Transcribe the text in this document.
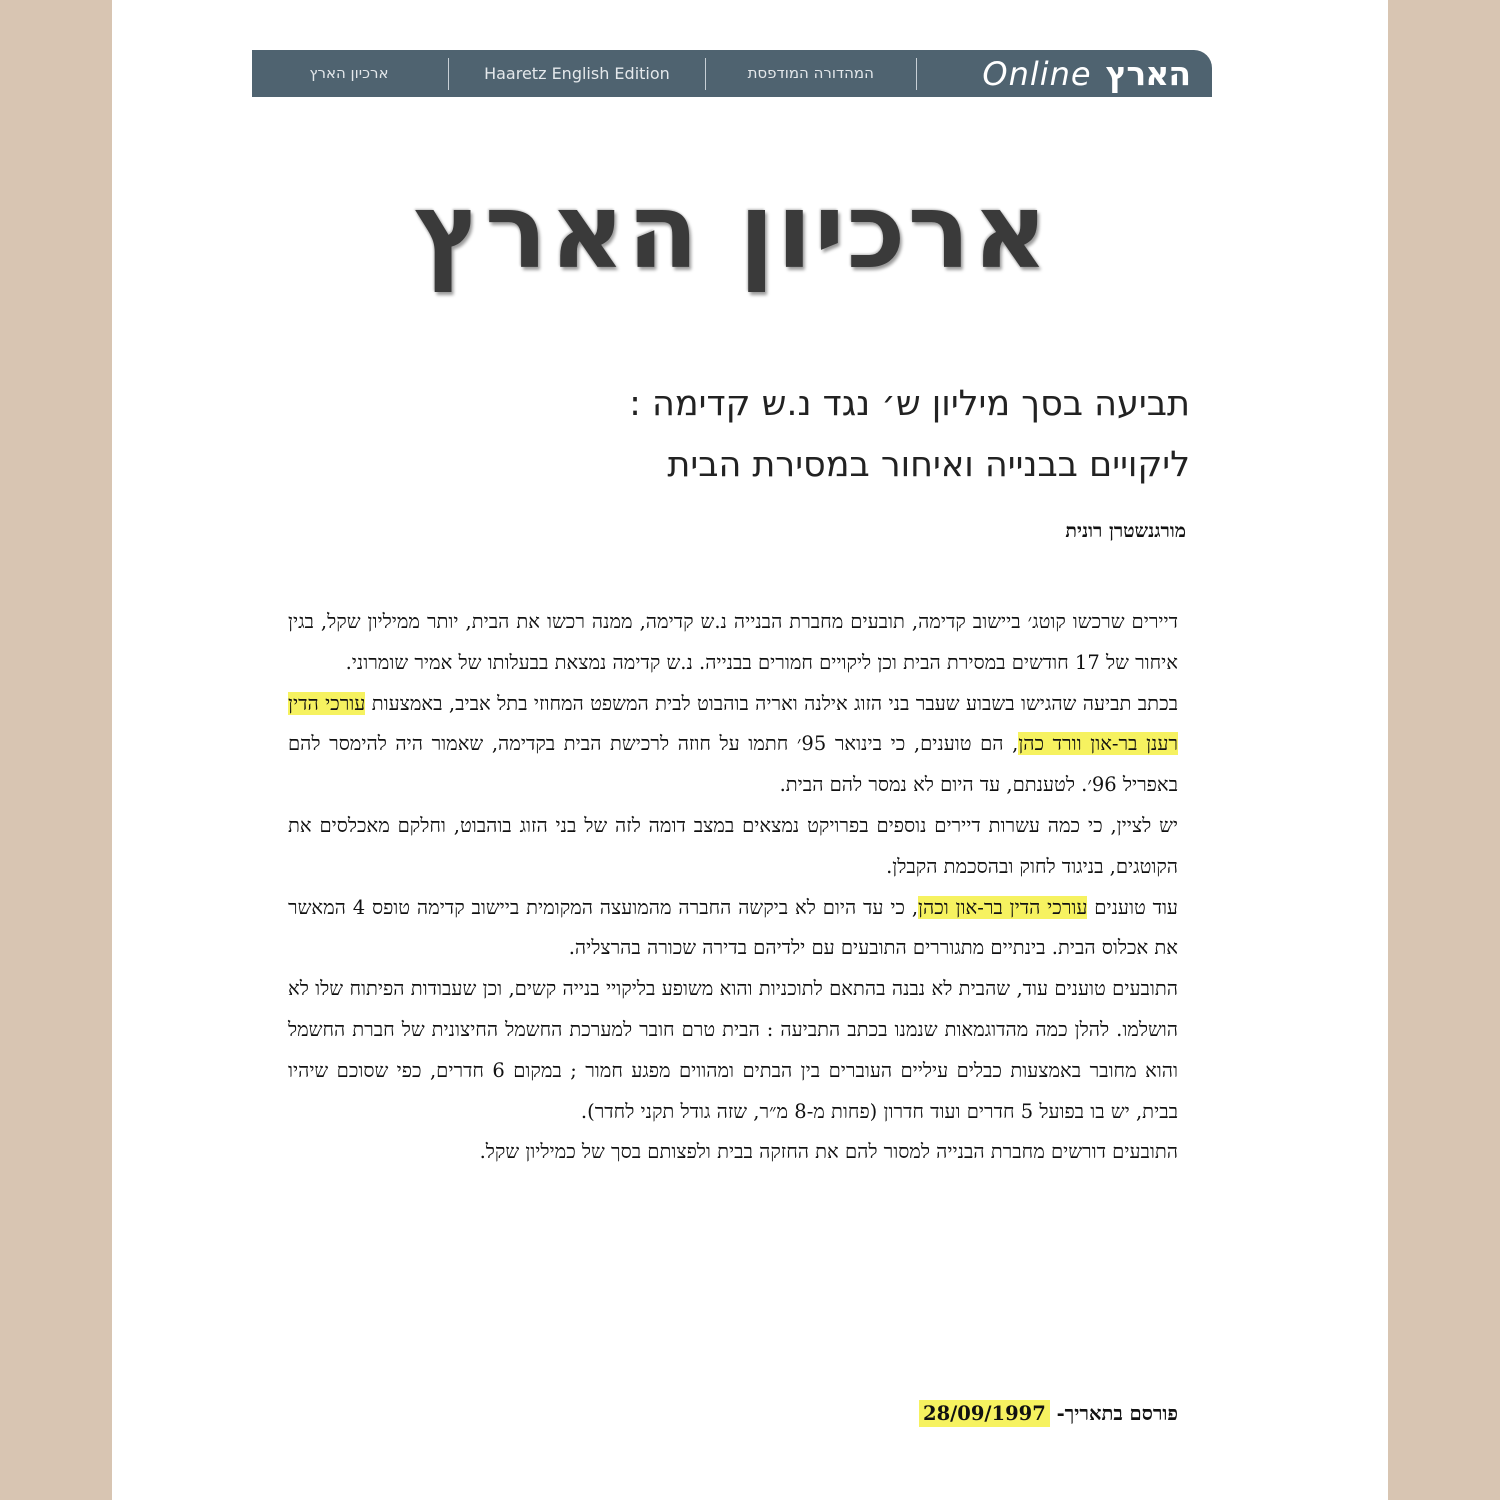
הארץ
Online
המהדורה המודפסת
Haaretz English Edition
ארכיון הארץ
ארכיון הארץ
תביעה בסך מיליון ש׳ נגד נ.ש קדימה :
ליקויים בבנייה ואיחור במסירת הבית
מורגנשטרן רונית

דיירים שרכשו קוטג׳ ביישוב קדימה, תובעים מחברת הבנייה נ.ש קדימה, ממנה רכשו את הבית, יותר ממיליון שקל, בגין איחור של 17 חודשים במסירת הבית וכן ליקויים חמורים בבנייה. נ.ש קדימה נמצאת בבעלותו של אמיר שומרוני.

בכתב תביעה שהגישו בשבוע שעבר בני הזוג אילנה ואריה בוהבוט לבית המשפט המחוזי בתל אביב, באמצעות עורכי הדין רענן בר-און וורד כהן, הם טוענים, כי בינואר 95׳ חתמו על חוזה לרכישת הבית בקדימה, שאמור היה להימסר להם באפריל 96׳. לטענתם, עד היום לא נמסר להם הבית.

יש לציין, כי כמה עשרות דיירים נוספים בפרויקט נמצאים במצב דומה לזה של בני הזוג בוהבוט, וחלקם מאכלסים את הקוטגים, בניגוד לחוק ובהסכמת הקבלן.

עוד טוענים עורכי הדין בר-און וכהן, כי עד היום לא ביקשה החברה מהמועצה המקומית ביישוב קדימה טופס 4 המאשר את אכלוס הבית. בינתיים מתגוררים התובעים עם ילדיהם בדירה שכורה בהרצליה.

התובעים טוענים עוד, שהבית לא נבנה בהתאם לתוכניות והוא משופע בליקויי בנייה קשים, וכן שעבודות הפיתוח שלו לא הושלמו. להלן כמה מהדוגמאות שנמנו בכתב התביעה : הבית טרם חובר למערכת החשמל החיצונית של חברת החשמל והוא מחובר באמצעות כבלים עיליים העוברים בין הבתים ומהווים מפגע חמור ; במקום 6 חדרים, כפי שסוכם שיהיו בבית, יש בו בפועל 5 חדרים ועוד חדרון (פחות מ-8 מ״ר, שזה גודל תקני לחדר).

התובעים דורשים מחברת הבנייה למסור להם את החזקה בבית ולפצותם בסך של כמיליון שקל.

פורסם בתאריך- 28/09/1997
